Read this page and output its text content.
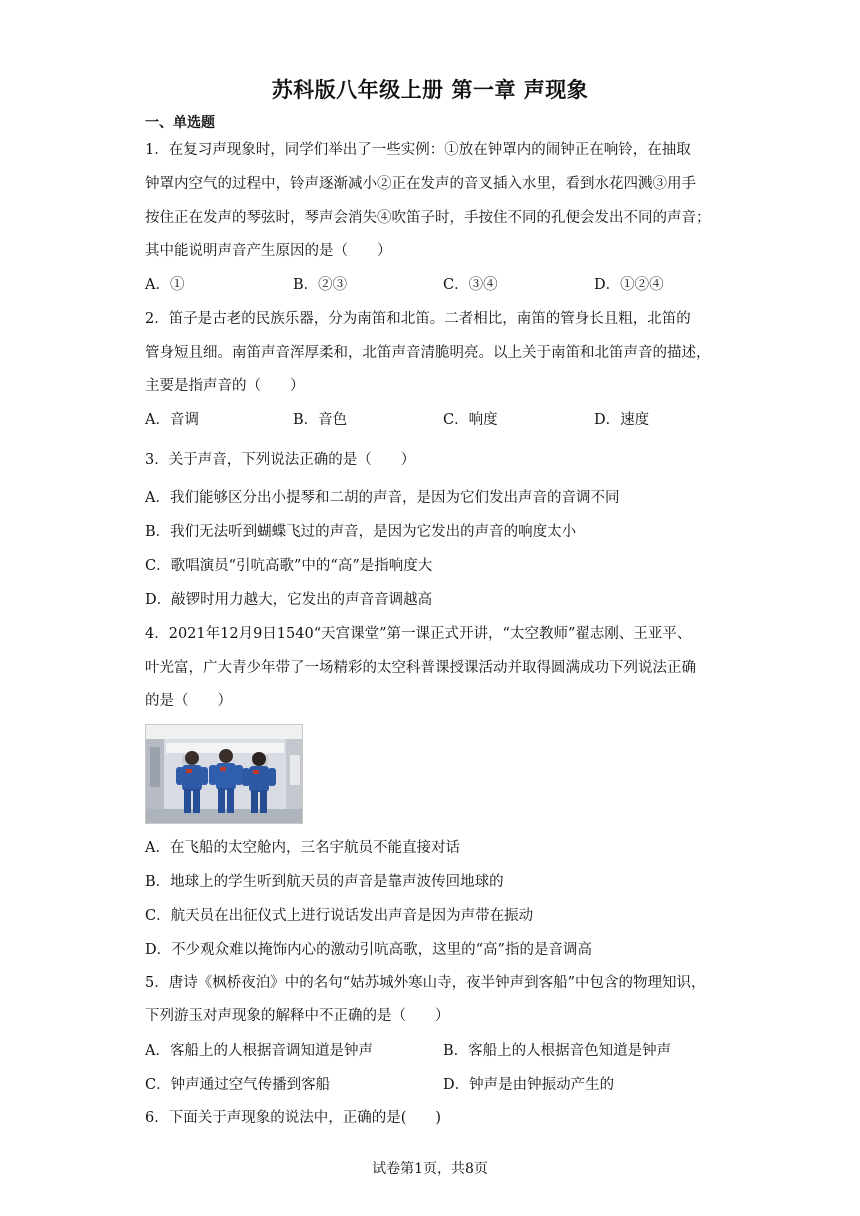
苏科版八年级上册 第一章 声现象
一、单选题
1．在复习声现象时，同学们举出了一些实例：①放在钟罩内的闹钟正在响铃，在抽取
钟罩内空气的过程中，铃声逐渐减小②正在发声的音叉插入水里，看到水花四溅③用手
按住正在发声的琴弦时，琴声会消失④吹笛子时，手按住不同的孔便会发出不同的声音；
其中能说明声音产生原因的是（　　）
A．①	B．②③	C．③④	D．①②④
2．笛子是古老的民族乐器，分为南笛和北笛。二者相比，南笛的管身长且粗，北笛的
管身短且细。南笛声音浑厚柔和，北笛声音清脆明亮。以上关于南笛和北笛声音的描述，
主要是指声音的（　　）
A．音调	B．音色	C．响度	D．速度
3．关于声音，下列说法正确的是（　　）
A．我们能够区分出小提琴和二胡的声音，是因为它们发出声音的音调不同
B．我们无法听到蝴蝶飞过的声音，是因为它发出的声音的响度太小
C．歌唱演员“引吭高歌”中的“高”是指响度大
D．敲锣时用力越大，它发出的声音音调越高
4．2021年12月9日1540“天宫课堂”第一课正式开讲，“太空教师”翟志刚、王亚平、
叶光富，广大青少年带了一场精彩的太空科普课授课活动并取得圆满成功下列说法正确
的是（　　）
A．在飞船的太空舱内，三名宇航员不能直接对话
B．地球上的学生听到航天员的声音是靠声波传回地球的
C．航天员在出征仪式上进行说话发出声音是因为声带在振动
D．不少观众难以掩饰内心的激动引吭高歌，这里的“高”指的是音调高
5．唐诗《枫桥夜泊》中的名句“姑苏城外寒山寺，夜半钟声到客船”中包含的物理知识，
下列游玉对声现象的解释中不正确的是（　　）
A．客船上的人根据音调知道是钟声	B．客船上的人根据音色知道是钟声
C．钟声通过空气传播到客船	D．钟声是由钟振动产生的
6．下面关于声现象的说法中，正确的是(　　)
试卷第1页，共8页
